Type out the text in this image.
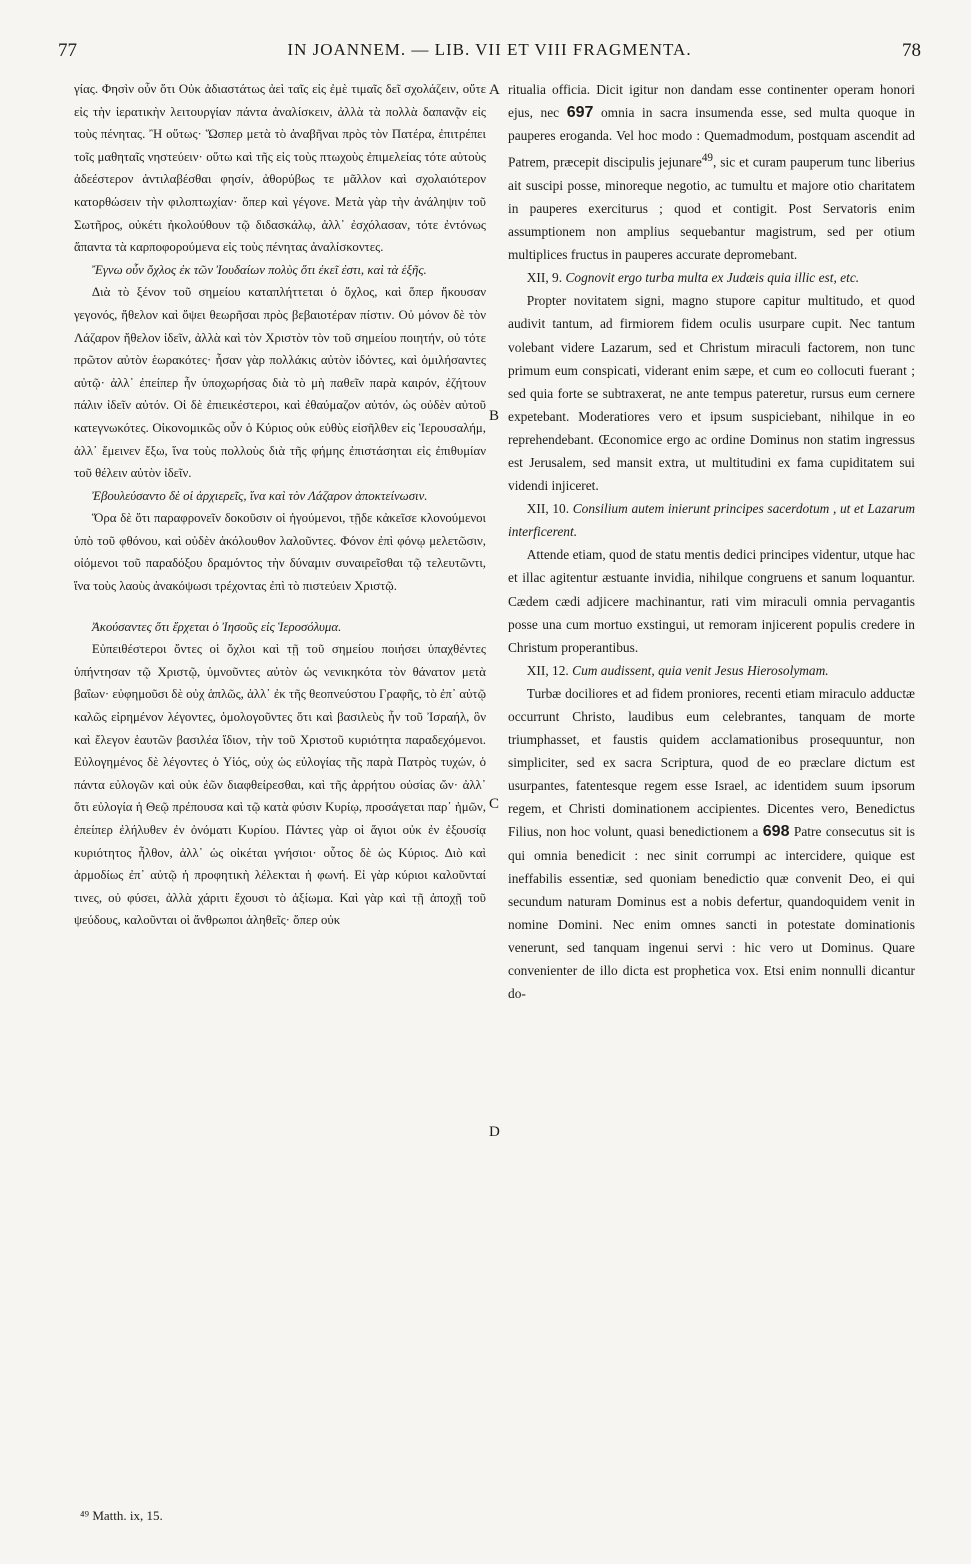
77	IN JOANNEM. — LIB. VII ET VIII FRAGMENTA.	78

γίας. Φησὶν οὖν ὅτι Οὐκ ἀδιαστάτως ἀεὶ ταῖς εἰς ἐμὲ τιμαῖς δεῖ σχολάζειν, οὔτε εἰς τὴν ἱερατικὴν λειτουργίαν πάντα ἀναλίσκειν, ἀλλὰ τὰ πολλὰ δαπανᾷν εἰς τοὺς πένητας. Ἢ οὕτως· Ὥσπερ μετὰ τὸ ἀναβῆναι πρὸς τὸν Πατέρα, ἐπιτρέπει τοῖς μαθηταῖς νηστεύειν· οὕτω καὶ τῆς εἰς τοὺς πτωχοὺς ἐπιμελείας τότε αὐτοὺς ἀδεέστερον ἀντιλαβέσθαι φησίν, ἀθορύβως τε μᾶλλον καὶ σχολαιότερον κατορθώσειν τὴν φιλοπτωχίαν· ὅπερ καὶ γέγονε. Μετὰ γὰρ τὴν ἀνάληψιν τοῦ Σωτῆρος, οὐκέτι ἠκολούθουν τῷ διδασκάλῳ, ἀλλ᾽ ἐσχόλασαν, τότε ἐντόνως ἅπαντα τὰ καρποφορούμενα εἰς τοὺς πένητας ἀναλίσκοντες.

Ἔγνω οὖν ὄχλος ἐκ τῶν Ἰουδαίων πολὺς ὅτι ἐκεῖ ἐστι, καὶ τὰ ἑξῆς.

Διὰ τὸ ξένον τοῦ σημείου καταπλήττεται ὁ ὄχλος, καὶ ὅπερ ἤκουσαν γεγονός, ἤθελον καὶ ὄψει θεωρῆσαι πρὸς βεβαιοτέραν πίστιν. Οὐ μόνον δὲ τὸν Λάζαρον ἤθελον ἰδεῖν, ἀλλὰ καὶ τὸν Χριστὸν τὸν τοῦ σημείου ποιητήν, οὐ τότε πρῶτον αὐτὸν ἑωρακότες· ἦσαν γὰρ πολλάκις αὐτὸν ἰδόντες, καὶ ὁμιλήσαντες αὐτῷ· ἀλλ᾽ ἐπείπερ ἦν ὑποχωρήσας διὰ τὸ μὴ παθεῖν παρὰ καιρόν, ἐζήτουν πάλιν ἰδεῖν αὐτόν. Οἱ δὲ ἐπιεικέστεροι, καὶ ἐθαύμαζον αὐτόν, ὡς οὐδὲν αὐτοῦ κατεγνωκότες. Οἰκονομικῶς οὖν ὁ Κύριος οὐκ εὐθὺς εἰσῆλθεν εἰς Ἱερουσαλήμ, ἀλλ᾽ ἔμεινεν ἔξω, ἵνα τοὺς πολλοὺς διὰ τῆς φήμης ἐπιστάσηται εἰς ἐπιθυμίαν τοῦ θέλειν αὐτὸν ἰδεῖν.

Ἐβουλεύσαντο δὲ οἱ ἀρχιερεῖς, ἵνα καὶ τὸν Λάζαρον ἀποκτείνωσιν.

Ὅρα δὲ ὅτι παραφρονεῖν δοκοῦσιν οἱ ἡγούμενοι, τῇδε κἀκεῖσε κλονούμενοι ὑπὸ τοῦ φθόνου, καὶ οὐδὲν ἀκόλουθον λαλοῦντες. Φόνον ἐπὶ φόνῳ μελετῶσιν, οἰόμενοι τοῦ παραδόξου δραμόντος τὴν δύναμιν συναιρεῖσθαι τῷ τελευτῶντι, ἵνα τοὺς λαοὺς ἀνακόψωσι τρέχοντας ἐπὶ τὸ πιστεύειν Χριστῷ.

Ἀκούσαντες ὅτι ἔρχεται ὁ Ἰησοῦς εἰς Ἱεροσόλυμα.

Εὐπειθέστεροι ὄντες οἱ ὄχλοι καὶ τῇ τοῦ σημείου ποιήσει ὑπαχθέντες ὑπήντησαν τῷ Χριστῷ, ὑμνοῦντες αὐτὸν ὡς νενικηκότα τὸν θάνατον μετὰ βαΐων· εὐφημοῦσι δὲ οὐχ ἁπλῶς, ἀλλ᾽ ἐκ τῆς θεοπνεύστου Γραφῆς, τὸ ἐπ᾽ αὐτῷ καλῶς εἰρημένον λέγοντες, ὁμολογοῦντες ὅτι καὶ βασιλεὺς ἦν τοῦ Ἰσραήλ, ὃν καὶ ἔλεγον ἑαυτῶν βασιλέα ἴδιον, τὴν τοῦ Χριστοῦ κυριότητα παραδεχόμενοι. Εὐλογημένος δὲ λέγοντες ὁ Υἱός, οὐχ ὡς εὐλογίας τῆς παρὰ Πατρὸς τυχών, ὁ πάντα εὐλογῶν καὶ οὐκ ἐῶν διαφθείρεσθαι, καὶ τῆς ἀρρήτου οὐσίας ὤν· ἀλλ᾽ ὅτι εὐλογία ἡ Θεῷ πρέπουσα καὶ τῷ κατὰ φύσιν Κυρίῳ, προσάγεται παρ᾽ ἡμῶν, ἐπείπερ ἐλήλυθεν ἐν ὀνόματι Κυρίου. Πάντες γὰρ οἱ ἅγιοι οὐκ ἐν ἐξουσίᾳ κυριότητος ἦλθον, ἀλλ᾽ ὡς οἰκέται γνήσιοι· οὗτος δὲ ὡς Κύριος. Διὸ καὶ ἁρμοδίως ἐπ᾽ αὐτῷ ἡ προφητικὴ λέλεκται ἡ φωνή. Εἰ γὰρ κύριοι καλοῦνταί τινες, οὐ φύσει, ἀλλὰ χάριτι ἔχουσι τὸ ἀξίωμα. Καὶ γὰρ καὶ τῇ ἀποχῇ τοῦ ψεύδους, καλοῦνται οἱ ἄνθρωποι ἀληθεῖς· ὅπερ οὐκ

A
B
C
D

ritualia officia. Dicit igitur non dandam esse continenter operam honori ejus, nec 697 omnia in sacra insumenda esse, sed multa quoque in pauperes eroganda. Vel hoc modo : Quemadmodum, postquam ascendit ad Patrem, præcepit discipulis jejunare$^{49}$, sic et curam pauperum tunc liberius ait suscipi posse, minoreque negotio, ac tumultu et majore otio charitatem in pauperes exerciturus ; quod et contigit. Post Servatoris enim assumptionem non amplius sequebantur magistrum, sed per otium multiplices fructus in pauperes accurate depromebant.

XII, 9. Cognovit ergo turba multa ex Judæis quia illic est, etc.

Propter novitatem signi, magno stupore capitur multitudo, et quod audivit tantum, ad firmiorem fidem oculis usurpare cupit. Nec tantum volebant videre Lazarum, sed et Christum miraculi factorem, non tunc primum eum conspicati, viderant enim sæpe, et cum eo collocuti fuerant ; sed quia forte se subtraxerat, ne ante tempus pateretur, rursus eum cernere expetebant. Moderatiores vero et ipsum suspiciebant, nihilque in eo reprehendebant. Œconomice ergo ac ordine Dominus non statim ingressus est Jerusalem, sed mansit extra, ut multitudini ex fama cupiditatem sui videndi injiceret.

XII, 10. Consilium autem inierunt principes sacerdotum , ut et Lazarum interficerent.

Attende etiam, quod de statu mentis dedici principes videntur, utque hac et illac agitentur æstuante invidia, nihilque congruens et sanum loquantur. Cædem cædi adjicere machinantur, rati vim miraculi omnia pervagantis posse una cum mortuo exstingui, ut remoram injicerent populis credere in Christum properantibus.

XII, 12. Cum audissent, quia venit Jesus Hierosolymam.

Turbæ dociliores et ad fidem proniores, recenti etiam miraculo adductæ occurrunt Christo, laudibus eum celebrantes, tanquam de morte triumphasset, et faustis quidem acclamationibus prosequuntur, non simpliciter, sed ex sacra Scriptura, quod de eo præclare dictum est usurpantes, fatentesque regem esse Israel, ac identidem suum ipsorum regem, et Christi dominationem accipientes. Dicentes vero, Benedictus Filius, non hoc volunt, quasi benedictionem a 698 Patre consecutus sit is qui omnia benedicit : nec sinit corrumpi ac intercidere, quique est ineffabilis essentiæ, sed quoniam benedictio quæ convenit Deo, ei qui secundum naturam Dominus est a nobis defertur, quandoquidem venit in nomine Domini. Nec enim omnes sancti in potestate dominationis venerunt, sed tanquam ingenui servi : hic vero ut Dominus. Quare convenienter de illo dicta est prophetica vox. Etsi enim nonnulli dicantur do-

⁴⁹ Matth. ix, 15.
